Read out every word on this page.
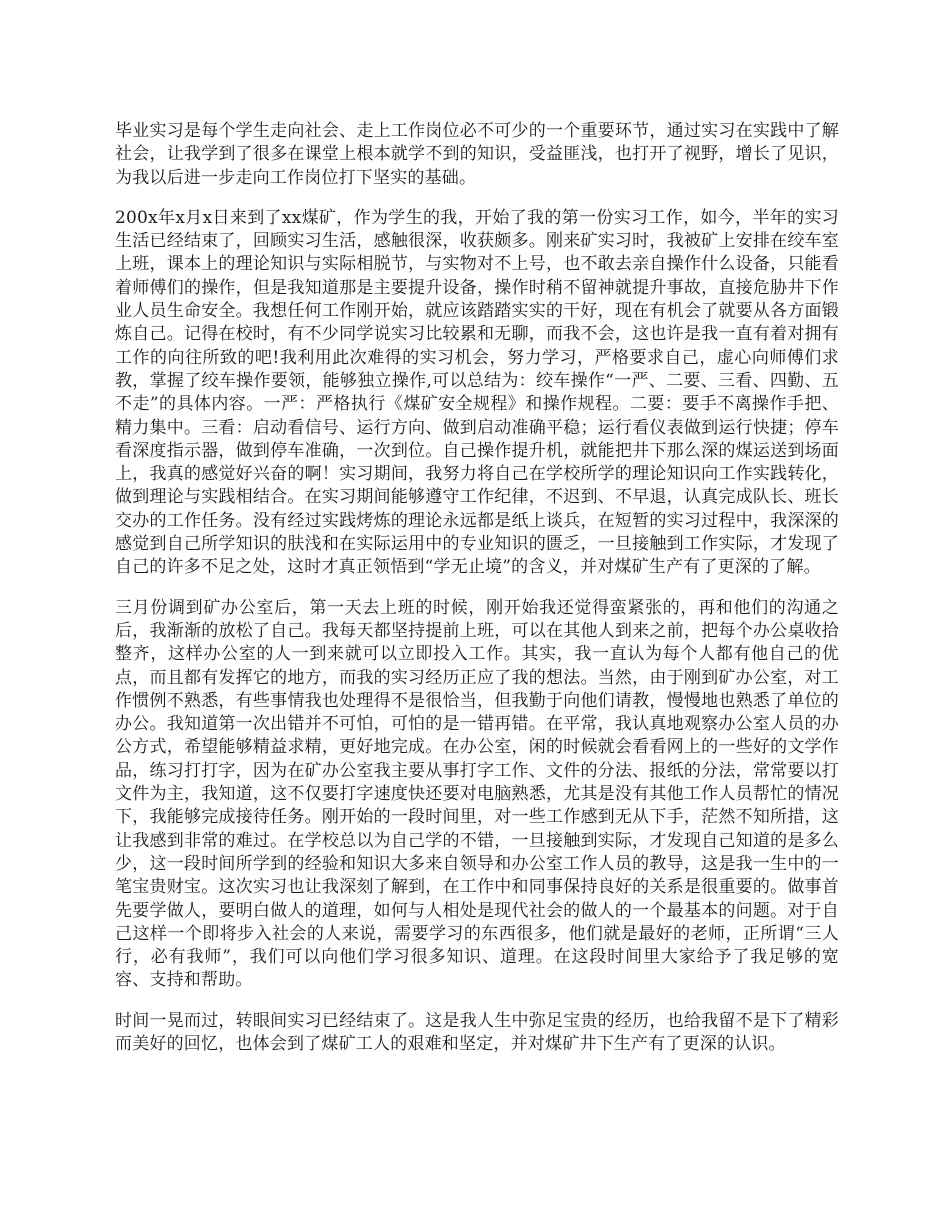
毕业实习是每个学生走向社会、走上工作岗位必不可少的一个重要环节，通过实习在实践中了解社会，让我学到了很多在课堂上根本就学不到的知识，受益匪浅，也打开了视野，增长了见识，为我以后进一步走向工作岗位打下坚实的基础。

200x年x月x日来到了xx煤矿，作为学生的我，开始了我的第一份实习工作，如今，半年的实习生活已经结束了，回顾实习生活，感触很深，收获颇多。刚来矿实习时，我被矿上安排在绞车室上班，课本上的理论知识与实际相脱节，与实物对不上号，也不敢去亲自操作什么设备，只能看着师傅们的操作，但是我知道那是主要提升设备，操作时稍不留神就提升事故，直接危胁井下作业人员生命安全。我想任何工作刚开始，就应该踏踏实实的干好，现在有机会了就要从各方面锻炼自己。记得在校时，有不少同学说实习比较累和无聊，而我不会，这也许是我一直有着对拥有工作的向往所致的吧!我利用此次难得的实习机会，努力学习，严格要求自己，虚心向师傅们求教，掌握了绞车操作要领，能够独立操作,可以总结为：绞车操作“一严、二要、三看、四勤、五不走”的具体内容。一严：严格执行《煤矿安全规程》和操作规程。二要：要手不离操作手把、精力集中。三看：启动看信号、运行方向、做到启动准确平稳；运行看仪表做到运行快捷；停车看深度指示器，做到停车准确，一次到位。自己操作提升机，就能把井下那么深的煤运送到场面上，我真的感觉好兴奋的啊！实习期间，我努力将自己在学校所学的理论知识向工作实践转化，做到理论与实践相结合。在实习期间能够遵守工作纪律，不迟到、不早退，认真完成队长、班长交办的工作任务。没有经过实践烤炼的理论永远都是纸上谈兵，在短暂的实习过程中，我深深的感觉到自己所学知识的肤浅和在实际运用中的专业知识的匮乏，一旦接触到工作实际，才发现了自己的许多不足之处，这时才真正领悟到“学无止境”的含义，并对煤矿生产有了更深的了解。

三月份调到矿办公室后，第一天去上班的时候，刚开始我还觉得蛮紧张的，再和他们的沟通之后，我渐渐的放松了自己。我每天都坚持提前上班，可以在其他人到来之前，把每个办公桌收拾整齐，这样办公室的人一到来就可以立即投入工作。其实，我一直认为每个人都有他自己的优点，而且都有发挥它的地方，而我的实习经历正应了我的想法。当然，由于刚到矿办公室，对工作惯例不熟悉，有些事情我也处理得不是很恰当，但我勤于向他们请教，慢慢地也熟悉了单位的办公。我知道第一次出错并不可怕，可怕的是一错再错。在平常，我认真地观察办公室人员的办公方式，希望能够精益求精，更好地完成。在办公室，闲的时候就会看看网上的一些好的文学作品，练习打打字，因为在矿办公室我主要从事打字工作、文件的分法、报纸的分法，常常要以打文件为主，我知道，这不仅要打字速度快还要对电脑熟悉，尤其是没有其他工作人员帮忙的情况下，我能够完成接待任务。刚开始的一段时间里，对一些工作感到无从下手，茫然不知所措，这让我感到非常的难过。在学校总以为自己学的不错，一旦接触到实际，才发现自己知道的是多么少，这一段时间所学到的经验和知识大多来自领导和办公室工作人员的教导，这是我一生中的一笔宝贵财宝。这次实习也让我深刻了解到，在工作中和同事保持良好的关系是很重要的。做事首先要学做人，要明白做人的道理，如何与人相处是现代社会的做人的一个最基本的问题。对于自己这样一个即将步入社会的人来说，需要学习的东西很多，他们就是最好的老师，正所谓“三人行，必有我师”，我们可以向他们学习很多知识、道理。在这段时间里大家给予了我足够的宽容、支持和帮助。

时间一晃而过，转眼间实习已经结束了。这是我人生中弥足宝贵的经历，也给我留不是下了精彩而美好的回忆，也体会到了煤矿工人的艰难和坚定，并对煤矿井下生产有了更深的认识。
